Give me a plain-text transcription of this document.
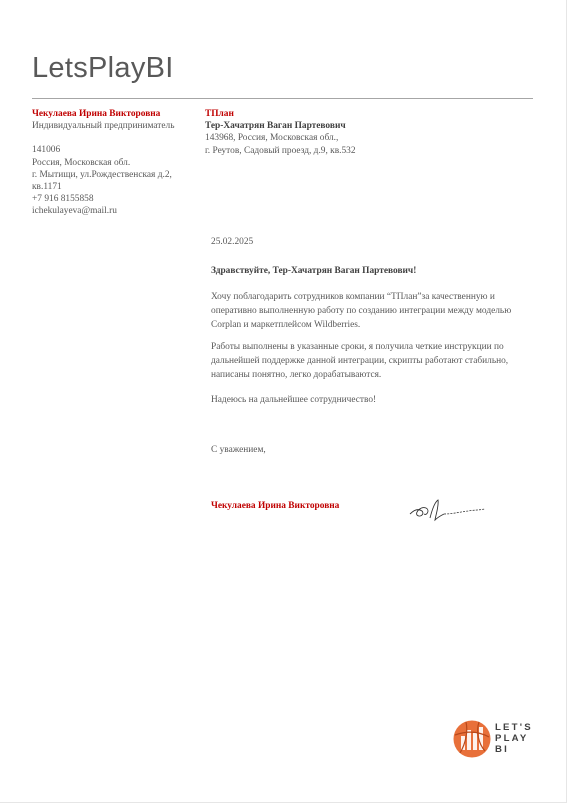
LetsPlayBI
Чекулаева Ирина Викторовна
Индивидуальный предприниматель
141006
Россия, Московская обл.
г. Мытищи, ул.Рождественская д.2, кв.1171
+7 916 8155858
ichekulayeva@mail.ru
ТПлан
Тер-Хачатрян Ваган Партевович
143968, Россия, Московская обл.,
г. Реутов, Садовый проезд, д.9, кв.532
25.02.2025
Здравствуйте, Тер-Хачатрян Ваган Партевович!
Хочу поблагодарить сотрудников компании “ТПлан”за качественную и оперативно выполненную работу по созданию интеграции между моделью Corplan и маркетплейсом Wildberries.
Работы выполнены в указанные сроки, я получила четкие инструкции по дальнейшей поддержке данной интеграции, скрипты работают стабильно, написаны понятно, легко дорабатываются.
Надеюсь на дальнейшее сотрудничество!
С уважением,
Чекулаева Ирина Викторовна
LET'S
PLAY
BI
